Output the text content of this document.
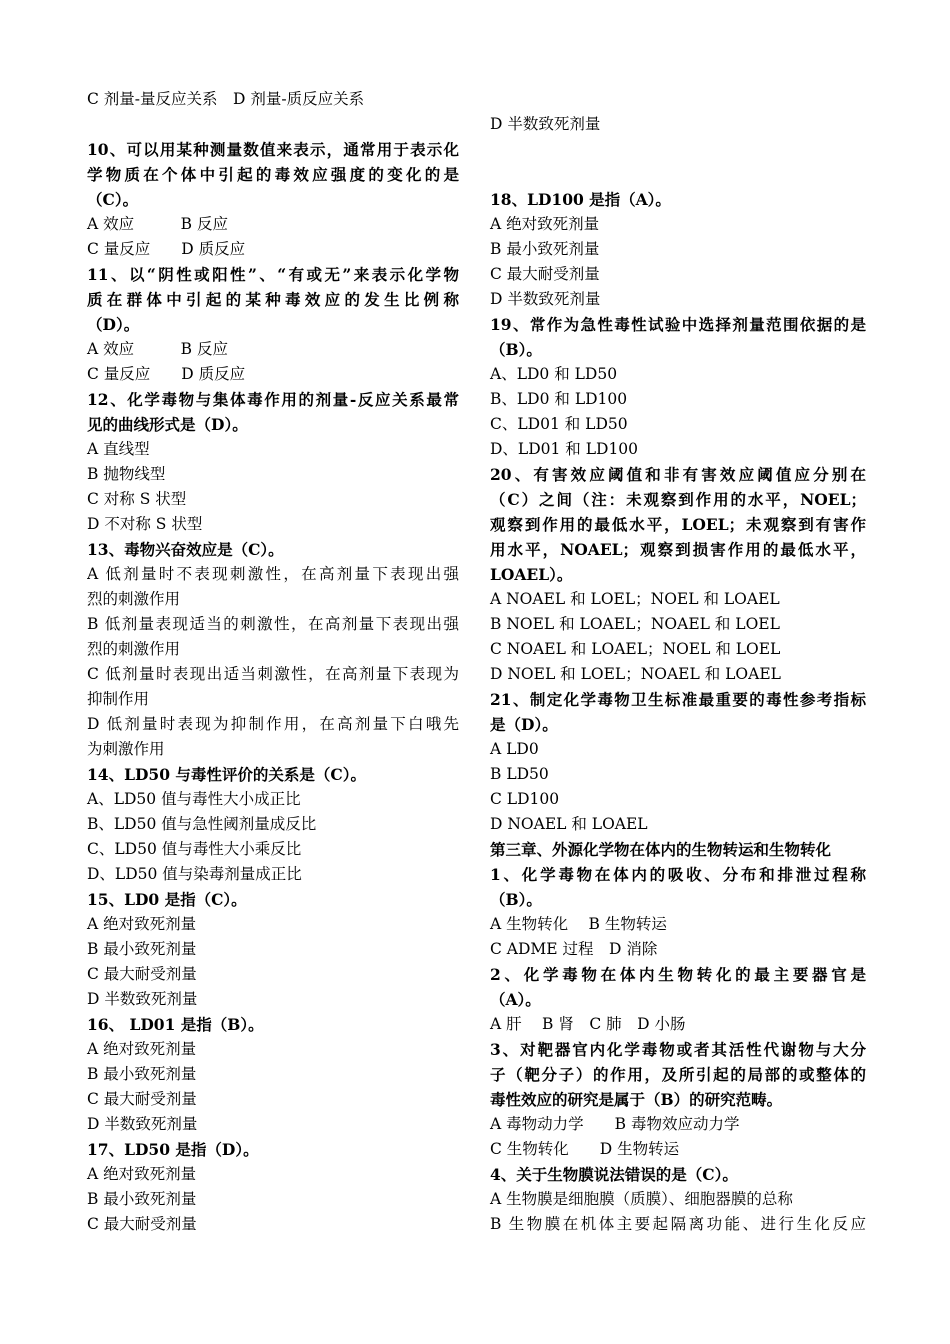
C 剂量-量反应关系　D 剂量-质反应关系
10、可以用某种测量数值来表示，通常用于表示化
学物质在个体中引起的毒效应强度的变化的是
（C）。
A 效应　　　B 反应
C 量反应　　D 质反应
11、以“阴性或阳性”、“有或无”来表示化学物
质在群体中引起的某种毒效应的发生比例称
（D）。
A 效应　　　B 反应
C 量反应　　D 质反应
12、化学毒物与集体毒作用的剂量-反应关系最常
见的曲线形式是（D）。
A 直线型
B 抛物线型
C 对称 S 状型
D 不对称 S 状型
13、毒物兴奋效应是（C）。
A 低剂量时不表现刺激性，在高剂量下表现出强
烈的刺激作用
B 低剂量表现适当的刺激性，在高剂量下表现出强
烈的刺激作用
C 低剂量时表现出适当刺激性，在高剂量下表现为
抑制作用
D 低剂量时表现为抑制作用，在高剂量下白哦先
为刺激作用
14、LD50 与毒性评价的关系是（C）。
A、LD50 值与毒性大小成正比
B、LD50 值与急性阈剂量成反比
C、LD50 值与毒性大小乘反比
D、LD50 值与染毒剂量成正比
15、LD0 是指（C）。
A 绝对致死剂量
B 最小致死剂量
C 最大耐受剂量
D 半数致死剂量
16、 LD01 是指（B）。
A 绝对致死剂量
B 最小致死剂量
C 最大耐受剂量
D 半数致死剂量
17、LD50 是指（D）。
A 绝对致死剂量
B 最小致死剂量
C 最大耐受剂量
D 半数致死剂量
18、LD100 是指（A）。
A 绝对致死剂量
B 最小致死剂量
C 最大耐受剂量
D 半数致死剂量
19、常作为急性毒性试验中选择剂量范围依据的是
（B）。
A、LD0 和 LD50
B、LD0 和 LD100
C、LD01 和 LD50
D、LD01 和 LD100
20、有害效应阈值和非有害效应阈值应分别在
（C）之间（注：未观察到作用的水平，NOEL；
观察到作用的最低水平，LOEL；未观察到有害作
用水平，NOAEL；观察到损害作用的最低水平，
LOAEL）。
A NOAEL 和 LOEL；NOEL 和 LOAEL
B NOEL 和 LOAEL；NOAEL 和 LOEL
C NOAEL 和 LOAEL；NOEL 和 LOEL
D NOEL 和 LOEL；NOAEL 和 LOAEL
21、制定化学毒物卫生标准最重要的毒性参考指标
是（D）。
A LD0
B LD50
C LD100
D NOAEL 和 LOAEL
第三章、外源化学物在体内的生物转运和生物转化
1、化学毒物在体内的吸收、分布和排泄过程称
（B）。
A 生物转化　 B 生物转运
C ADME 过程　D 消除
2、化学毒物在体内生物转化的最主要器官是
（A）。
A 肝　 B 肾　C 肺　D 小肠
3、对靶器官内化学毒物或者其活性代谢物与大分
子（靶分子）的作用，及所引起的局部的或整体的
毒性效应的研究是属于（B）的研究范畴。
A 毒物动力学　　B 毒物效应动力学
C 生物转化　　D 生物转运
4、关于生物膜说法错误的是（C）。
A 生物膜是细胞膜（质膜）、细胞器膜的总称
B 生物膜在机体主要起隔离功能、进行生化反应
